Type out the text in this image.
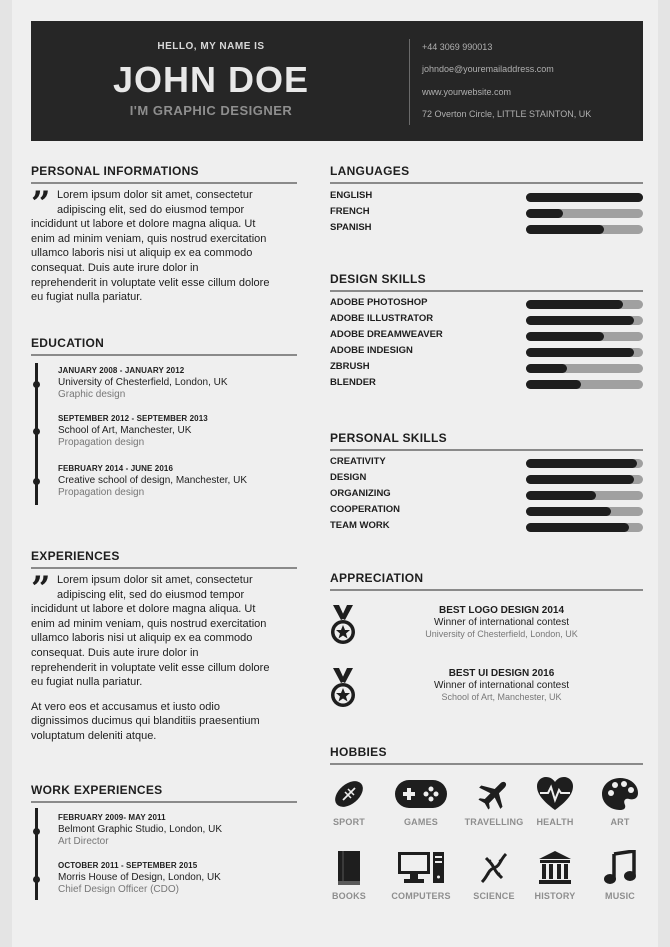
HELLO, MY NAME IS
JOHN DOE
I'M GRAPHIC DESIGNER
+44 3069 990013
johndoe@youremailaddress.com
www.yourwebsite.com
72 Overton Circle, LITTLE STAINTON, UK
PERSONAL INFORMATIONS
” Lorem ipsum dolor sit amet, consectetur
adipiscing elit, sed do eiusmod tempor
incididunt ut labore et dolore magna aliqua. Ut
enim ad minim veniam, quis nostrud exercitation
ullamco laboris nisi ut aliquip ex ea commodo
consequat. Duis aute irure dolor in
reprehenderit in voluptate velit esse cillum dolore
eu fugiat nulla pariatur.
EDUCATION
JANUARY 2008 - JANUARY 2012
University of Chesterfield, London, UK
Graphic design
SEPTEMBER 2012 - SEPTEMBER 2013
School of Art, Manchester, UK
Propagation design
FEBRUARY 2014 - JUNE 2016
Creative school of design, Manchester, UK
Propagation design
EXPERIENCES
” Lorem ipsum dolor sit amet, consectetur
adipiscing elit, sed do eiusmod tempor
incididunt ut labore et dolore magna aliqua. Ut
enim ad minim veniam, quis nostrud exercitation
ullamco laboris nisi ut aliquip ex ea commodo
consequat. Duis aute irure dolor in
reprehenderit in voluptate velit esse cillum dolore
eu fugiat nulla pariatur.
At vero eos et accusamus et iusto odio
dignissimos ducimus qui blanditiis praesentium
voluptatum deleniti atque.
WORK EXPERIENCES
FEBRUARY 2009- MAY 2011
Belmont Graphic Studio, London, UK
Art Director
OCTOBER 2011 - SEPTEMBER 2015
Morris House of Design, London, UK
Chief Design Officer (CDO)
LANGUAGES
ENGLISH
FRENCH
SPANISH
DESIGN SKILLS
ADOBE PHOTOSHOP
ADOBE ILLUSTRATOR
ADOBE DREAMWEAVER
ADOBE INDESIGN
ZBRUSH
BLENDER
PERSONAL SKILLS
CREATIVITY
DESIGN
ORGANIZING
COOPERATION
TEAM WORK
APPRECIATION
BEST LOGO DESIGN 2014
Winner of international contest
University of Chesterfield, London, UK
BEST UI DESIGN 2016
Winner of international contest
School of Art, Manchester, UK
HOBBIES
SPORT	GAMES	TRAVELLING	HEALTH	ART
BOOKS	COMPUTERS	SCIENCE	HISTORY	MUSIC
